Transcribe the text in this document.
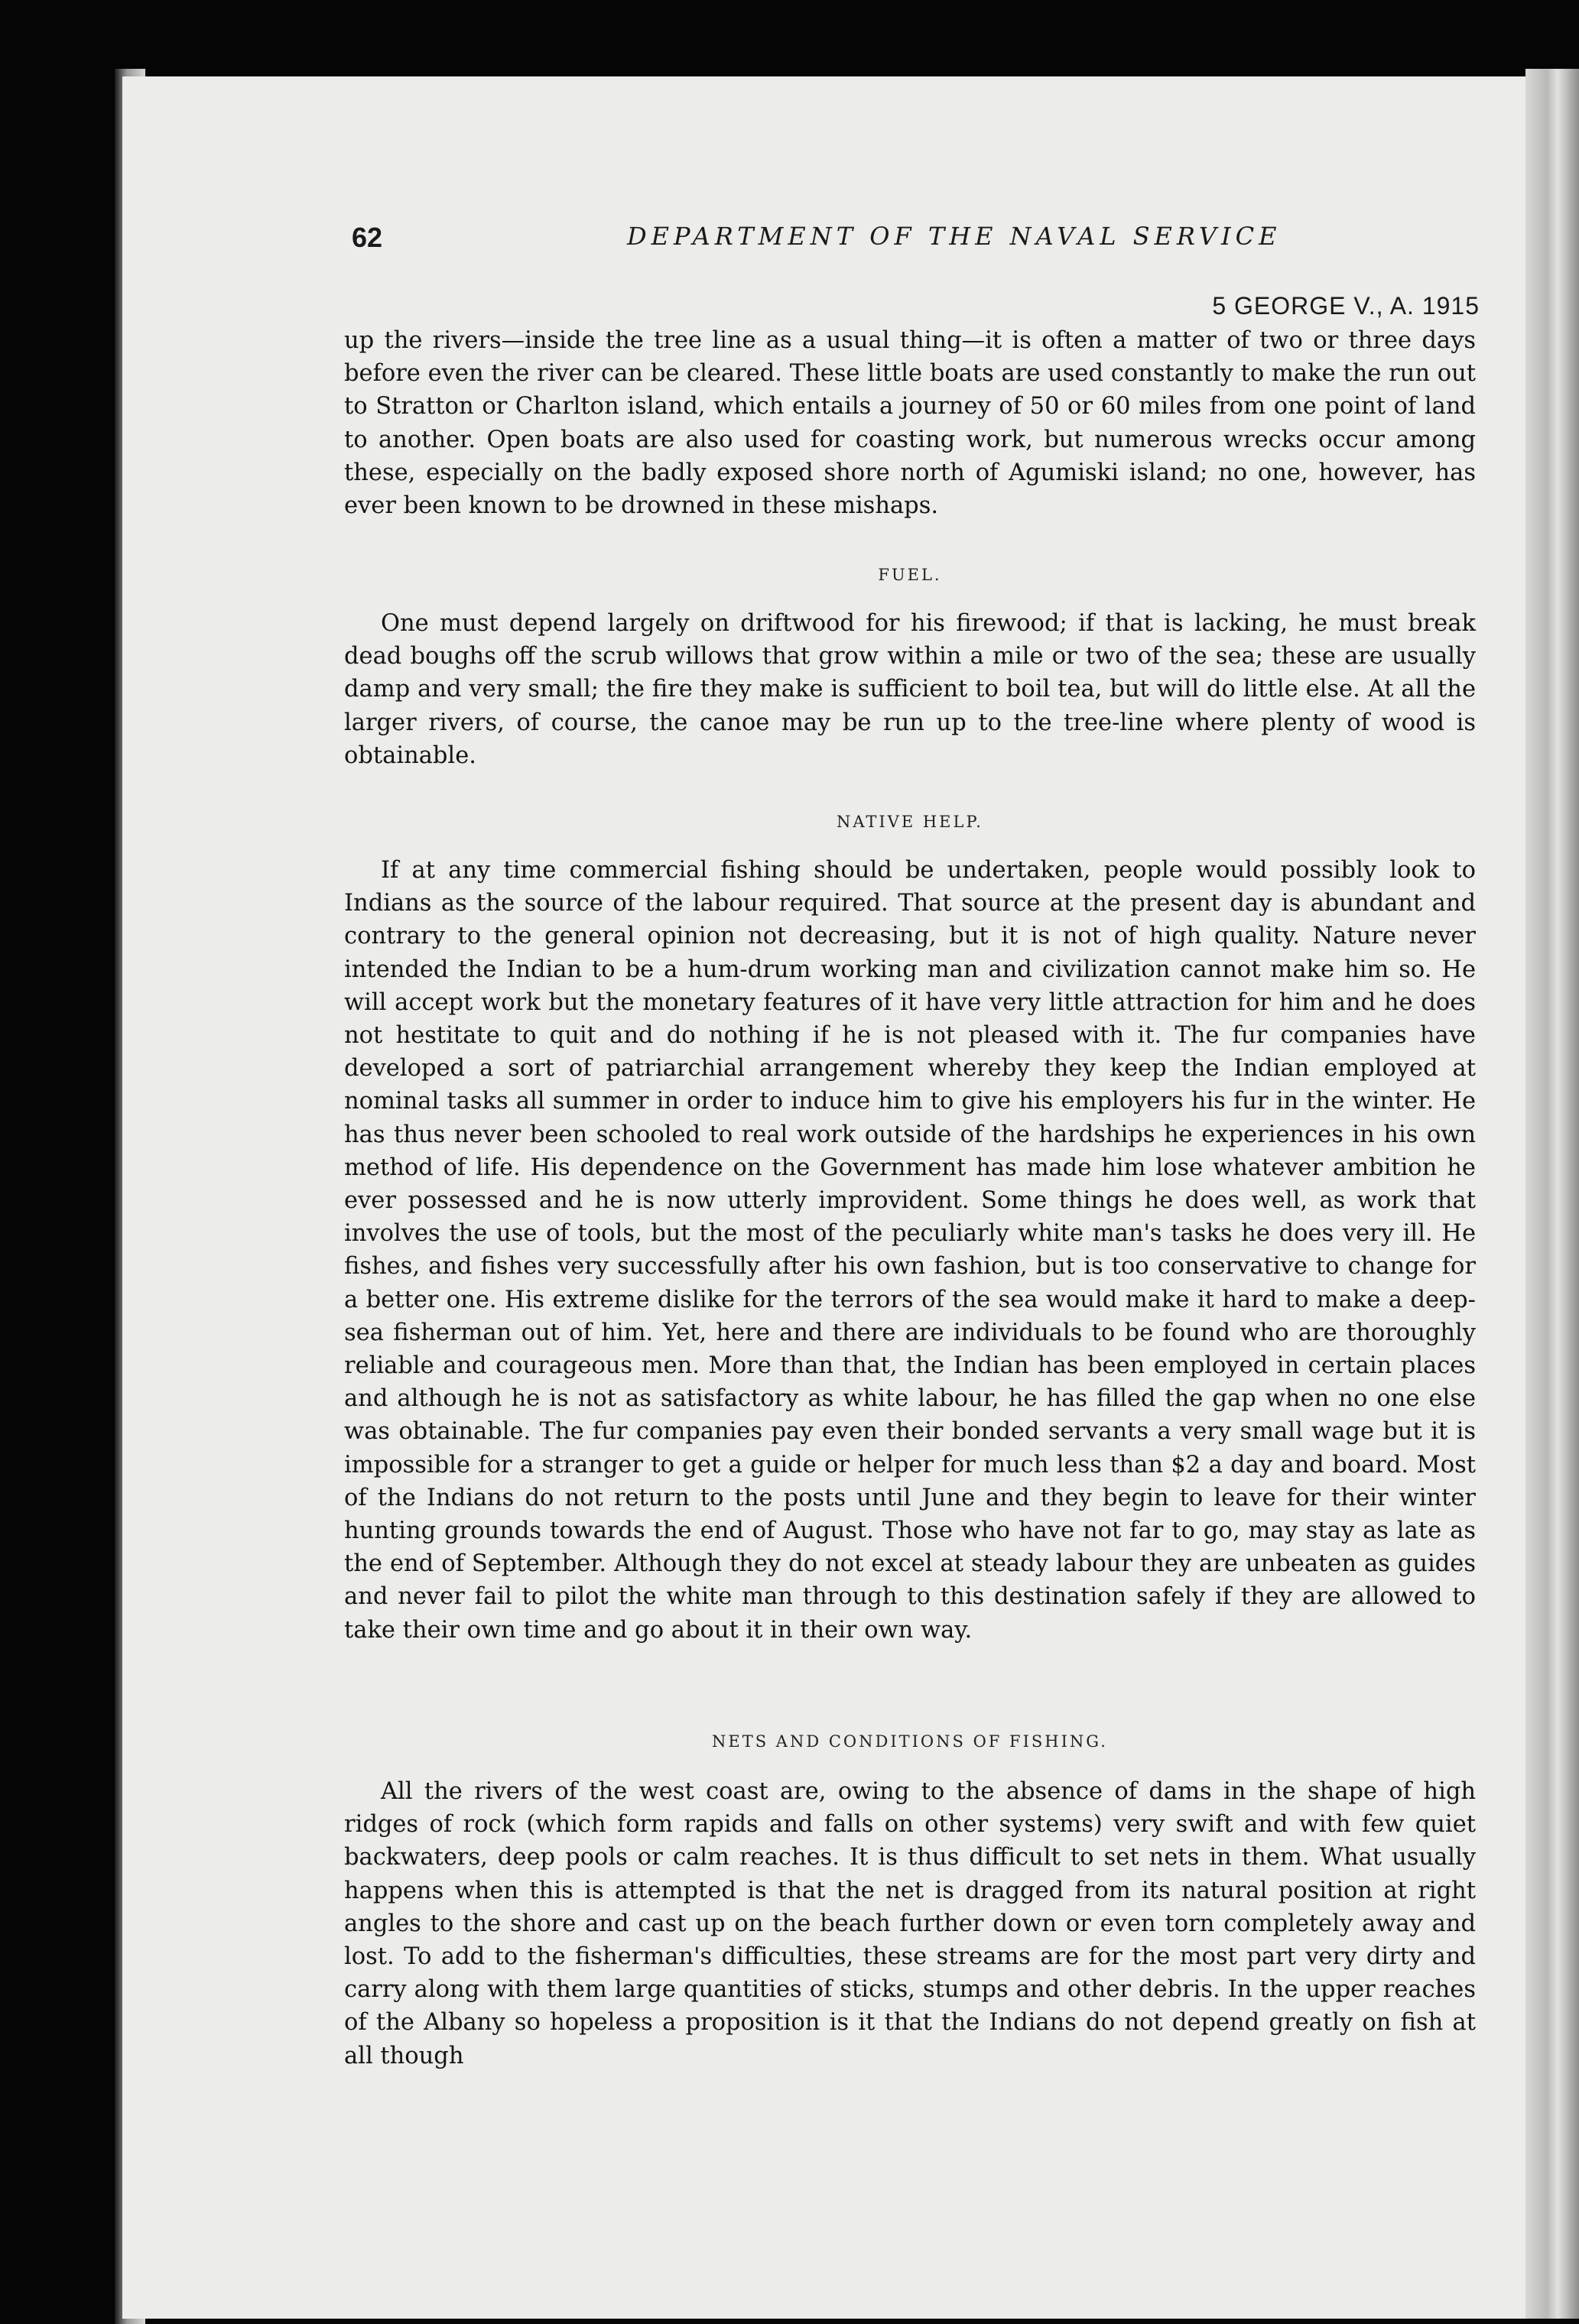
62	DEPARTMENT OF THE NAVAL SERVICE
5 GEORGE V., A. 1915

up the rivers—inside the tree line as a usual thing—it is often a matter of two or three days before even the river can be cleared. These little boats are used constantly to make the run out to Stratton or Charlton island, which entails a journey of 50 or 60 miles from one point of land to another. Open boats are also used for coasting work, but numerous wrecks occur among these, especially on the badly exposed shore north of Agumiski island; no one, however, has ever been known to be drowned in these mishaps.

FUEL.

One must depend largely on driftwood for his firewood; if that is lacking, he must break dead boughs off the scrub willows that grow within a mile or two of the sea; these are usually damp and very small; the fire they make is sufficient to boil tea, but will do little else. At all the larger rivers, of course, the canoe may be run up to the tree-line where plenty of wood is obtainable.

NATIVE HELP.

If at any time commercial fishing should be undertaken, people would possibly look to Indians as the source of the labour required. That source at the present day is abundant and contrary to the general opinion not decreasing, but it is not of high quality. Nature never intended the Indian to be a hum-drum working man and civilization cannot make him so. He will accept work but the monetary features of it have very little attraction for him and he does not hestitate to quit and do nothing if he is not pleased with it. The fur companies have developed a sort of patriarchial arrangement whereby they keep the Indian employed at nominal tasks all summer in order to induce him to give his employers his fur in the winter. He has thus never been schooled to real work outside of the hardships he experiences in his own method of life. His dependence on the Government has made him lose whatever ambition he ever possessed and he is now utterly improvident. Some things he does well, as work that involves the use of tools, but the most of the peculiarly white man's tasks he does very ill. He fishes, and fishes very successfully after his own fashion, but is too conservative to change for a better one. His extreme dislike for the terrors of the sea would make it hard to make a deep-sea fisherman out of him. Yet, here and there are individuals to be found who are thoroughly reliable and courageous men. More than that, the Indian has been employed in certain places and although he is not as satisfactory as white labour, he has filled the gap when no one else was obtainable. The fur companies pay even their bonded servants a very small wage but it is impossible for a stranger to get a guide or helper for much less than $2 a day and board. Most of the Indians do not return to the posts until June and they begin to leave for their winter hunting grounds towards the end of August. Those who have not far to go, may stay as late as the end of September. Although they do not excel at steady labour they are unbeaten as guides and never fail to pilot the white man through to this destination safely if they are allowed to take their own time and go about it in their own way.

NETS AND CONDITIONS OF FISHING.

All the rivers of the west coast are, owing to the absence of dams in the shape of high ridges of rock (which form rapids and falls on other systems) very swift and with few quiet backwaters, deep pools or calm reaches. It is thus difficult to set nets in them. What usually happens when this is attempted is that the net is dragged from its natural position at right angles to the shore and cast up on the beach further down or even torn completely away and lost. To add to the fisherman's difficulties, these streams are for the most part very dirty and carry along with them large quantities of sticks, stumps and other debris. In the upper reaches of the Albany so hopeless a proposition is it that the Indians do not depend greatly on fish at all though
